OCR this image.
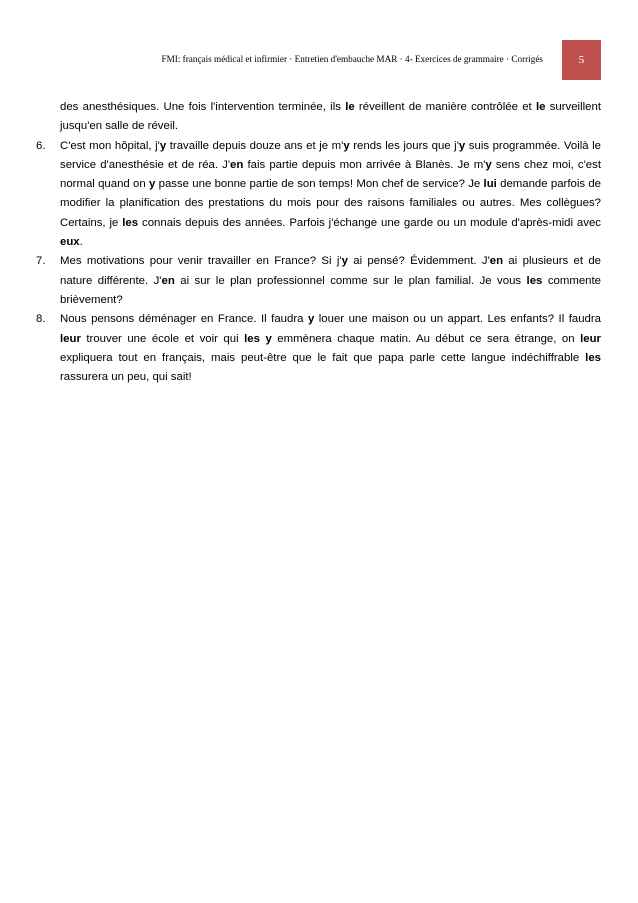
FMI: français médical et infirmier · Entretien d'embauche MAR · 4- Exercices de grammaire · Corrigés	5

des anesthésiques. Une fois l'intervention terminée, ils le réveillent de manière contrôlée et le surveillent jusqu'en salle de réveil.

6. C'est mon hôpital, j'y travaille depuis douze ans et je m'y rends les jours que j'y suis programmée. Voilà le service d'anesthésie et de réa. J'en fais partie depuis mon arrivée à Blanès. Je m'y sens chez moi, c'est normal quand on y passe une bonne partie de son temps! Mon chef de service? Je lui demande parfois de modifier la planification des prestations du mois pour des raisons familiales ou autres. Mes collègues? Certains, je les connais depuis des années. Parfois j'échange une garde ou un module d'après-midi avec eux.

7. Mes motivations pour venir travailler en France? Si j'y ai pensé? Évidemment. J'en ai plusieurs et de nature différente. J'en ai sur le plan professionnel comme sur le plan familial. Je vous les commente brièvement?

8. Nous pensons déménager en France. Il faudra y louer une maison ou un appart. Les enfants? Il faudra leur trouver une école et voir qui les y emmènera chaque matin. Au début ce sera étrange, on leur expliquera tout en français, mais peut-être que le fait que papa parle cette langue indéchiffrable les rassurera un peu, qui sait!
